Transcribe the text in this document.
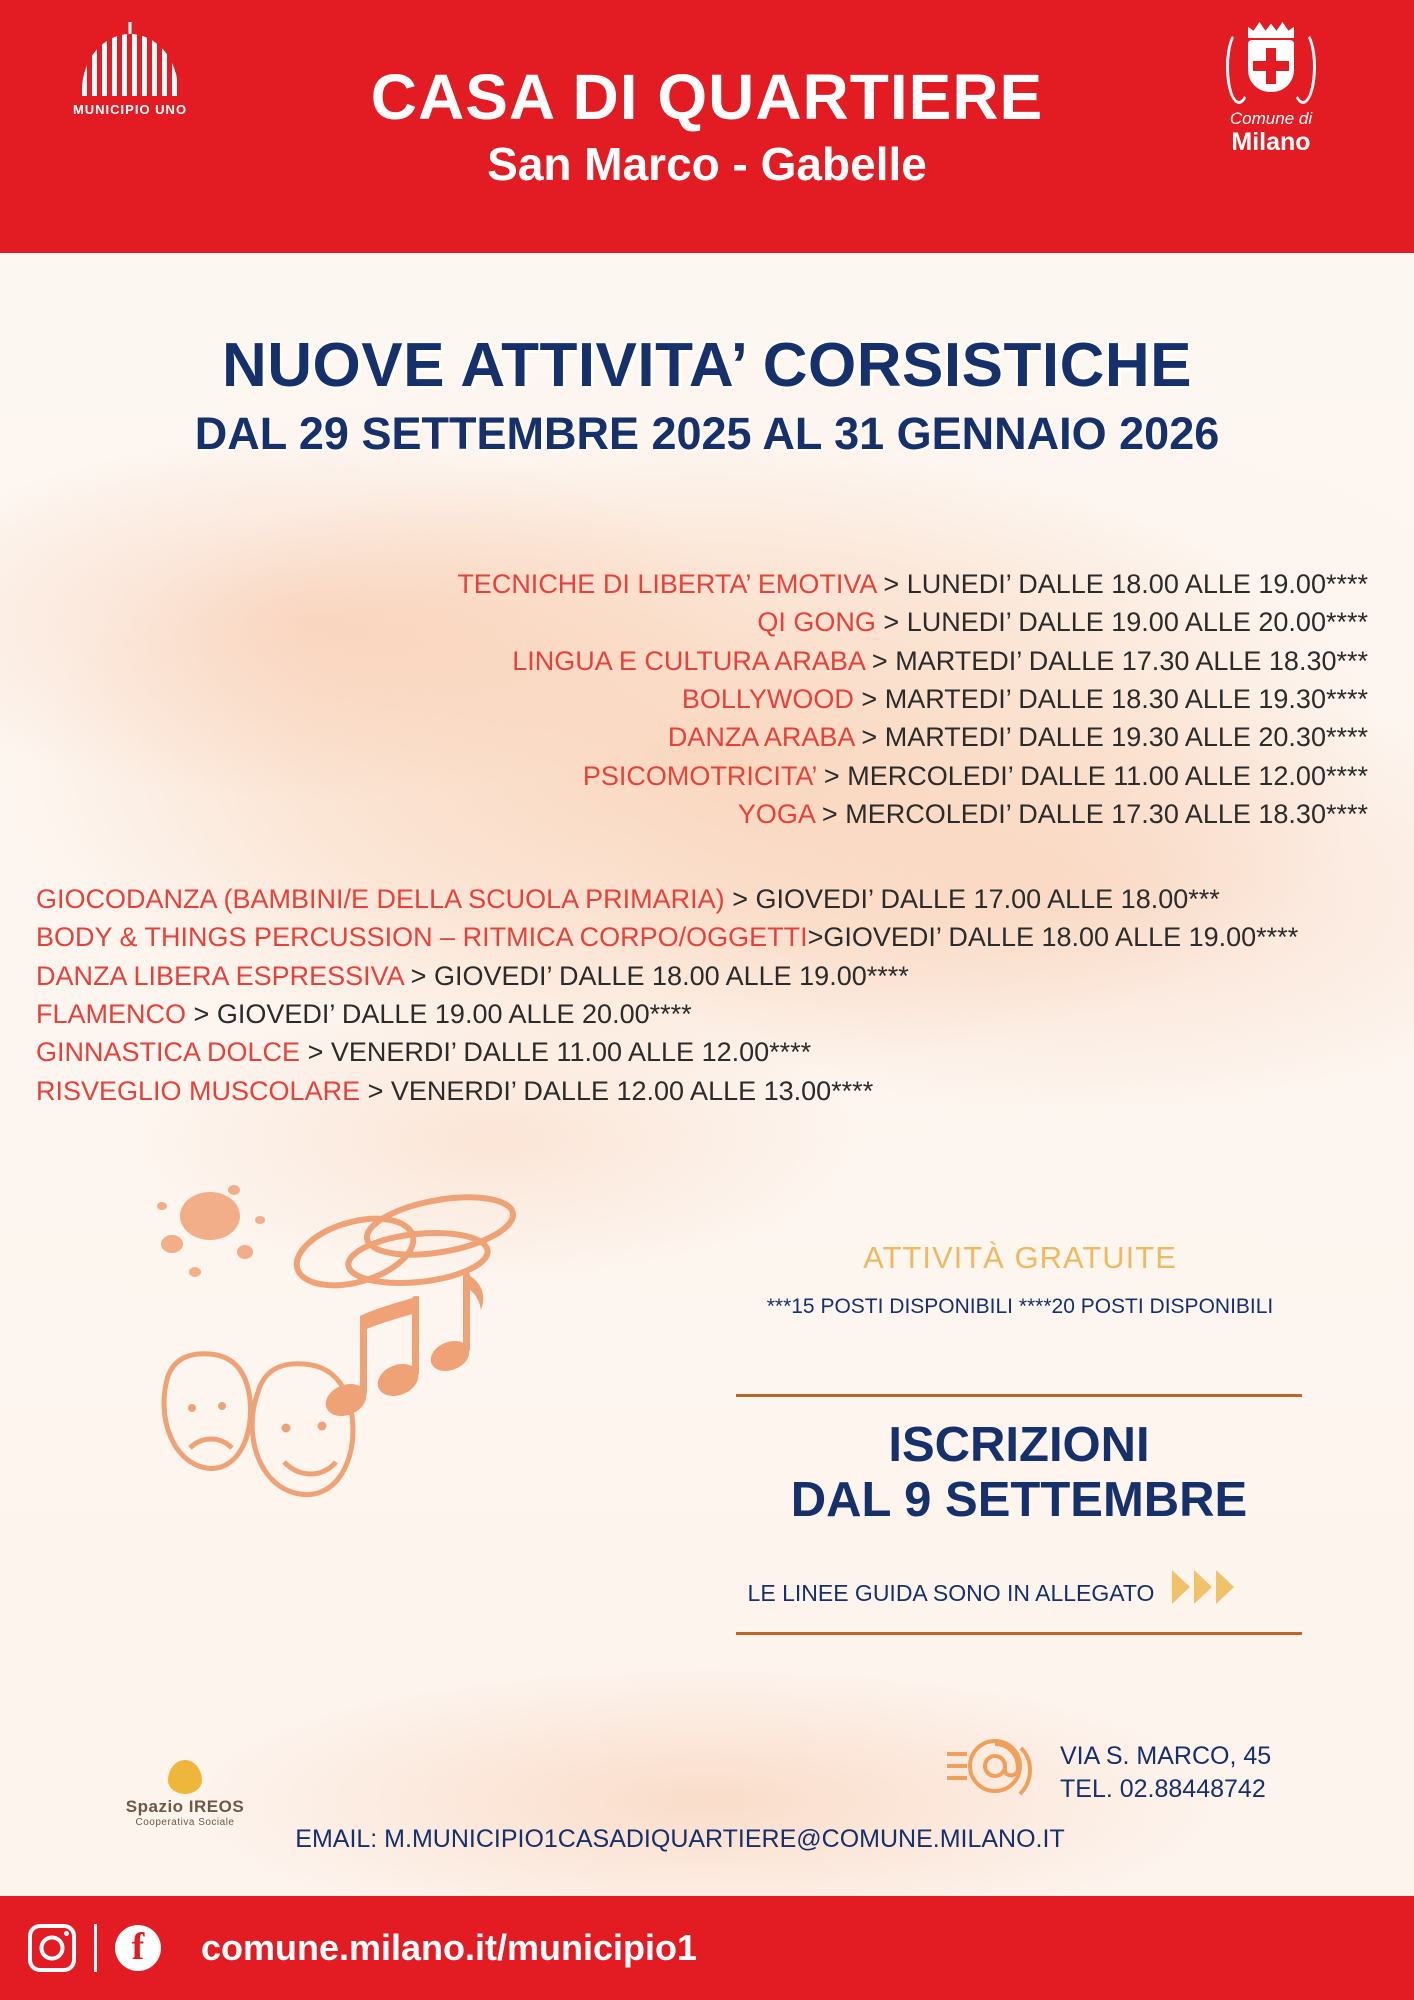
MUNICIPIO UNO	CASA DI QUARTIERE
San Marco - Gabelle
Comune di
Milano
NUOVE ATTIVITA’ CORSISTICHE
DAL 29 SETTEMBRE 2025 AL 31 GENNAIO 2026
TECNICHE DI LIBERTA’ EMOTIVA > LUNEDI’ DALLE 18.00 ALLE 19.00****
QI GONG > LUNEDI’ DALLE 19.00 ALLE 20.00****
LINGUA E CULTURA ARABA > MARTEDI’ DALLE 17.30 ALLE 18.30***
BOLLYWOOD > MARTEDI’ DALLE 18.30 ALLE 19.30****
DANZA ARABA > MARTEDI’ DALLE 19.30 ALLE 20.30****
PSICOMOTRICITA’ > MERCOLEDI’ DALLE 11.00 ALLE 12.00****
YOGA > MERCOLEDI’ DALLE 17.30 ALLE 18.30****
GIOCODANZA (BAMBINI/E DELLA SCUOLA PRIMARIA) > GIOVEDI’ DALLE 17.00 ALLE 18.00***
BODY & THINGS PERCUSSION – RITMICA CORPO/OGGETTI>GIOVEDI’ DALLE 18.00 ALLE 19.00****
DANZA LIBERA ESPRESSIVA > GIOVEDI’ DALLE 18.00 ALLE 19.00****
FLAMENCO > GIOVEDI’ DALLE 19.00 ALLE 20.00****
GINNASTICA DOLCE > VENERDI’ DALLE 11.00 ALLE 12.00****
RISVEGLIO MUSCOLARE > VENERDI’ DALLE 12.00 ALLE 13.00****
ATTIVITÀ GRATUITE
***15 POSTI DISPONIBILI ****20 POSTI DISPONIBILI
ISCRIZIONI
DAL 9 SETTEMBRE
LE LINEE GUIDA SONO IN ALLEGATO
Spazio IREOS
Cooperativa Sociale
VIA S. MARCO, 45
TEL. 02.88448742
EMAIL: M.MUNICIPIO1CASADIQUARTIERE@COMUNE.MILANO.IT
f	comune.milano.it/municipio1
